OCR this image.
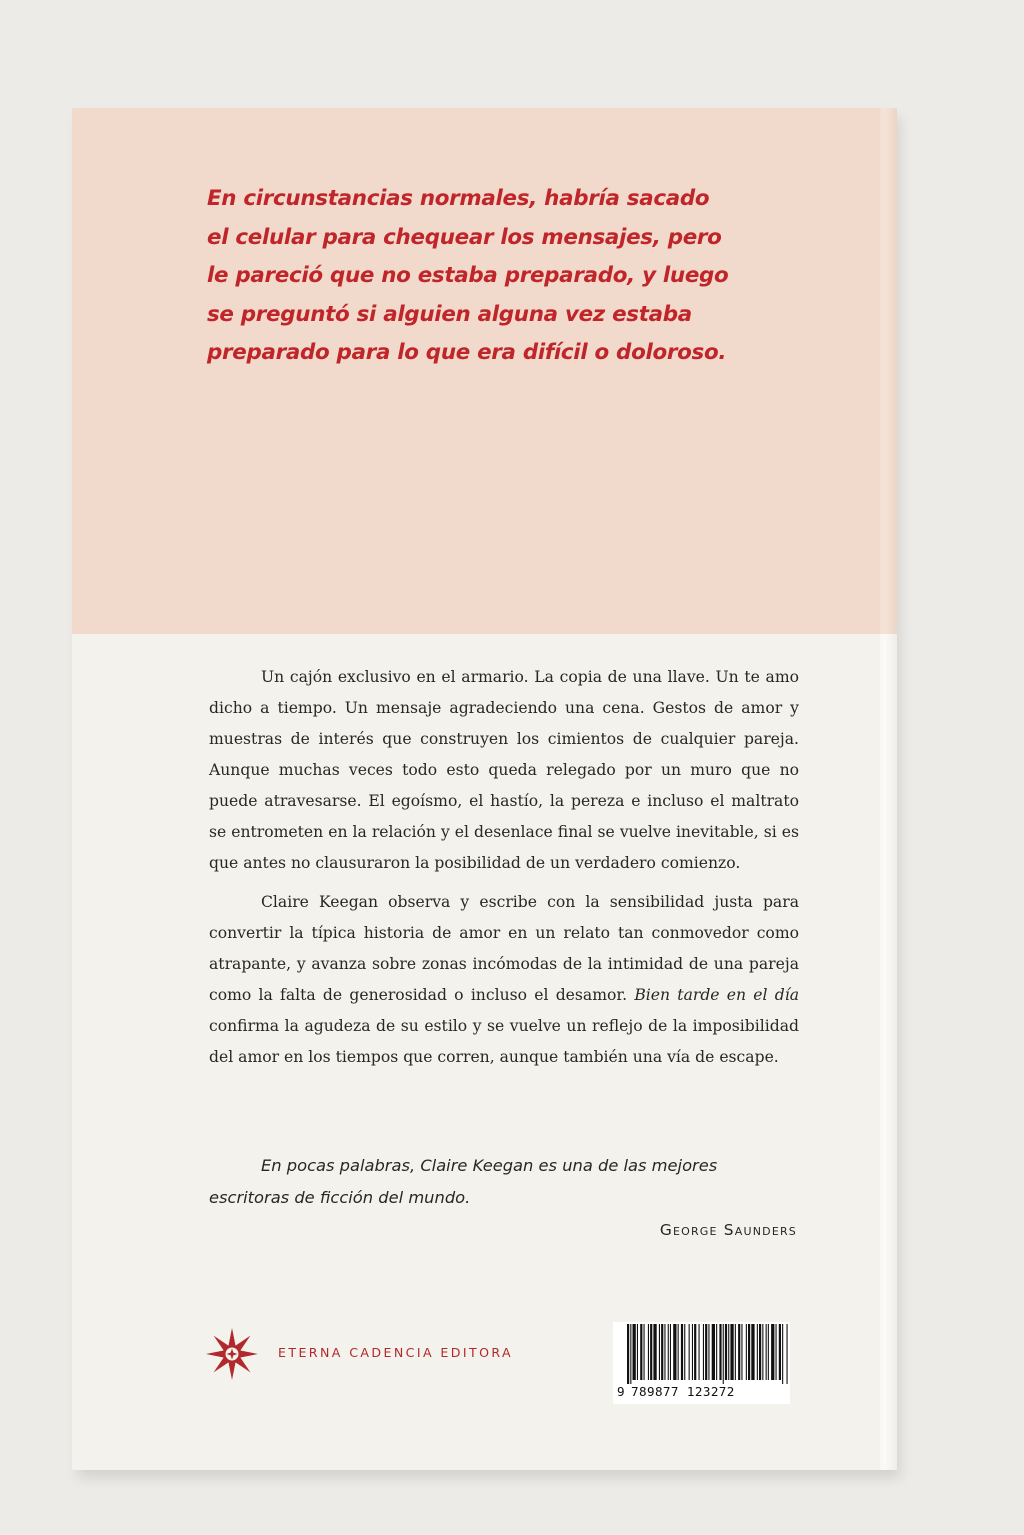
En circunstancias normales, habría sacado
el celular para chequear los mensajes, pero
le pareció que no estaba preparado, y luego
se preguntó si alguien alguna vez estaba
preparado para lo que era difícil o doloroso.

Un cajón exclusivo en el armario. La copia de una llave. Un te amo dicho a tiempo. Un mensaje agradeciendo una cena. Gestos de amor y muestras de interés que construyen los cimientos de cualquier pareja. Aunque muchas veces todo esto queda relegado por un muro que no puede atravesarse. El egoísmo, el hastío, la pereza e incluso el maltrato se entrometen en la relación y el desenlace final se vuelve inevitable, si es que antes no clausuraron la posibilidad de un verdadero comienzo.

Claire Keegan observa y escribe con la sensibilidad justa para convertir la típica historia de amor en un relato tan conmovedor como atrapante, y avanza sobre zonas incómodas de la intimidad de una pareja como la falta de generosidad o incluso el desamor. Bien tarde en el día confirma la agudeza de su estilo y se vuelve un reflejo de la imposibilidad del amor en los tiempos que corren, aunque también una vía de escape.

En pocas palabras, Claire Keegan es una de las mejores
escritoras de ficción del mundo.
George Saunders
ETERNA CADENCIA EDITORA
9 789877 123272
